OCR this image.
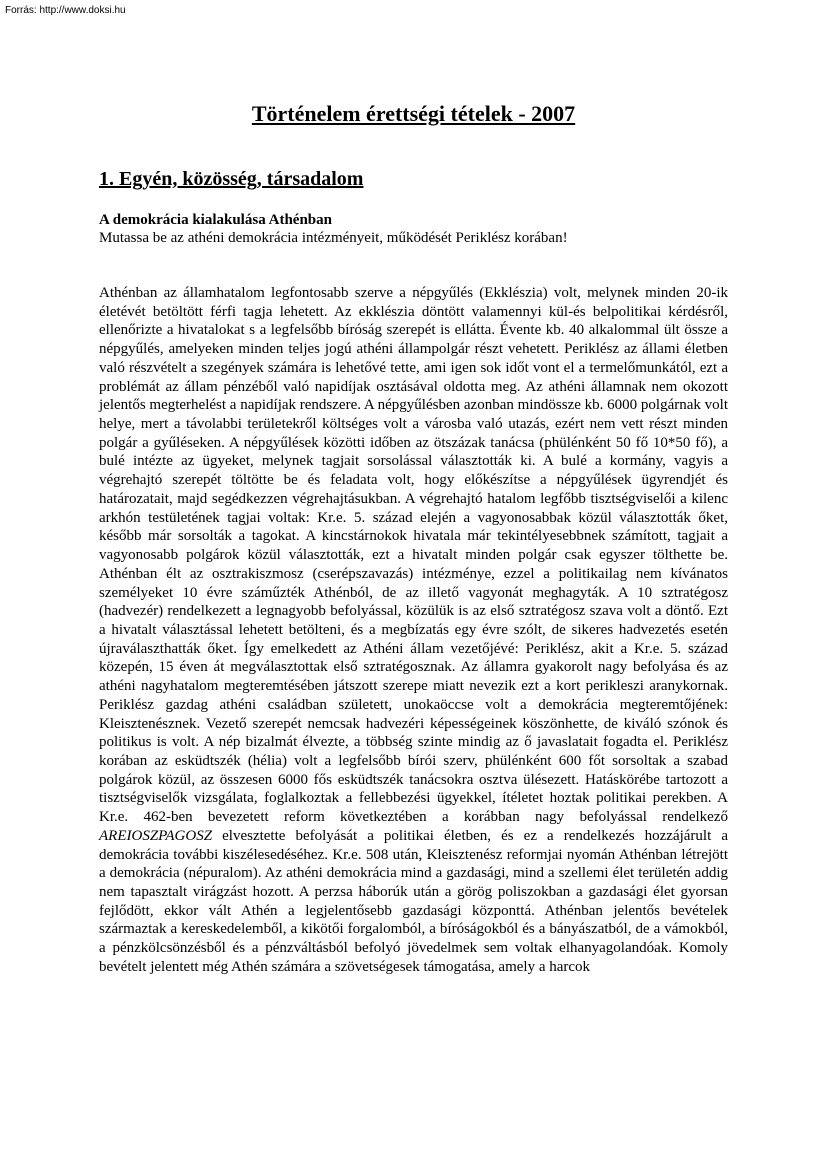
Forrás: http://www.doksi.hu
Történelem érettségi tételek - 2007
1. Egyén, közösség, társadalom

A demokrácia kialakulása Athénban

Mutassa be az athéni demokrácia intézményeit, működését Periklész korában!

Athénban az államhatalom legfontosabb szerve a népgyűlés (Ekklészia) volt, melynek minden 20-ik életévét betöltött férfi tagja lehetett. Az ekklészia döntött valamennyi kül-és belpolitikai kérdésről, ellenőrizte a hivatalokat s a legfelsőbb bíróság szerepét is ellátta. Évente kb. 40 alkalommal ült össze a népgyűlés, amelyeken minden teljes jogú athéni állampolgár részt vehetett. Periklész az állami életben való részvételt a szegények számára is lehetővé tette, ami igen sok időt vont el a termelőmunkától, ezt a problémát az állam pénzéből való napidíjak osztásával oldotta meg. Az athéni államnak nem okozott jelentős megterhelést a napidíjak rendszere. A népgyűlésben azonban mindössze kb. 6000 polgárnak volt helye, mert a távolabbi területekről költséges volt a városba való utazás, ezért nem vett részt minden polgár a gyűléseken. A népgyűlések közötti időben az ötszázak tanácsa (phülénként 50 fő 10*50 fő), a bulé intézte az ügyeket, melynek tagjait sorsolással választották ki. A bulé a kormány, vagyis a végrehajtó szerepét töltötte be és feladata volt, hogy előkészítse a népgyűlések ügyrendjét és határozatait, majd segédkezzen végrehajtásukban. A végrehajtó hatalom legfőbb tisztségviselői a kilenc arkhón testületének tagjai voltak: Kr.e. 5. század elején a vagyonosabbak közül választották őket, később már sorsolták a tagokat. A kincstárnokok hivatala már tekintélyesebbnek számított, tagjait a vagyonosabb polgárok közül választották, ezt a hivatalt minden polgár csak egyszer tölthette be. Athénban élt az osztrakiszmosz (cserépszavazás) intézménye, ezzel a politikailag nem kívánatos személyeket 10 évre száműzték Athénból, de az illető vagyonát meghagyták. A 10 sztratégosz (hadvezér) rendelkezett a legnagyobb befolyással, közülük is az első sztratégosz szava volt a döntő. Ezt a hivatalt választással lehetett betölteni, és a megbízatás egy évre szólt, de sikeres hadvezetés esetén újraválaszthatták őket. Így emelkedett az Athéni állam vezetőjévé: Periklész, akit a Kr.e. 5. század közepén, 15 éven át megválasztottak első sztratégosznak. Az államra gyakorolt nagy befolyása és az athéni nagyhatalom megteremtésében játszott szerepe miatt nevezik ezt a kort perikleszi aranykornak. Periklész gazdag athéni családban született, unokaöccse volt a demokrácia megteremtőjének: Kleisztenésznek. Vezető szerepét nemcsak hadvezéri képességeinek köszönhette, de kiváló szónok és politikus is volt. A nép bizalmát élvezte, a többség szinte mindig az ő javaslatait fogadta el. Periklész korában az esküdtszék (hélia) volt a legfelsőbb bírói szerv, phülénként 600 főt sorsoltak a szabad polgárok közül, az összesen 6000 fős esküdtszék tanácsokra osztva ülésezett. Hatáskörébe tartozott a tisztségviselők vizsgálata, foglalkoztak a fellebbezési ügyekkel, ítéletet hoztak politikai perekben. A Kr.e. 462-ben bevezetett reform következtében a korábban nagy befolyással rendelkező AREIOSZPAGOSZ elvesztette befolyását a politikai életben, és ez a rendelkezés hozzájárult a demokrácia további kiszélesedéséhez. Kr.e. 508 után, Kleisztenész reformjai nyomán Athénban létrejött a demokrácia (népuralom). Az athéni demokrácia mind a gazdasági, mind a szellemi élet területén addig nem tapasztalt virágzást hozott. A perzsa háborúk után a görög poliszokban a gazdasági élet gyorsan fejlődött, ekkor vált Athén a legjelentősebb gazdasági központtá. Athénban jelentős bevételek származtak a kereskedelemből, a kikötői forgalomból, a bíróságokból és a bányászatból, de a vámokból, a pénzkölcsönzésből és a pénzváltásból befolyó jövedelmek sem voltak elhanyagolandóak. Komoly bevételt jelentett még Athén számára a szövetségesek támogatása, amely a harcok
